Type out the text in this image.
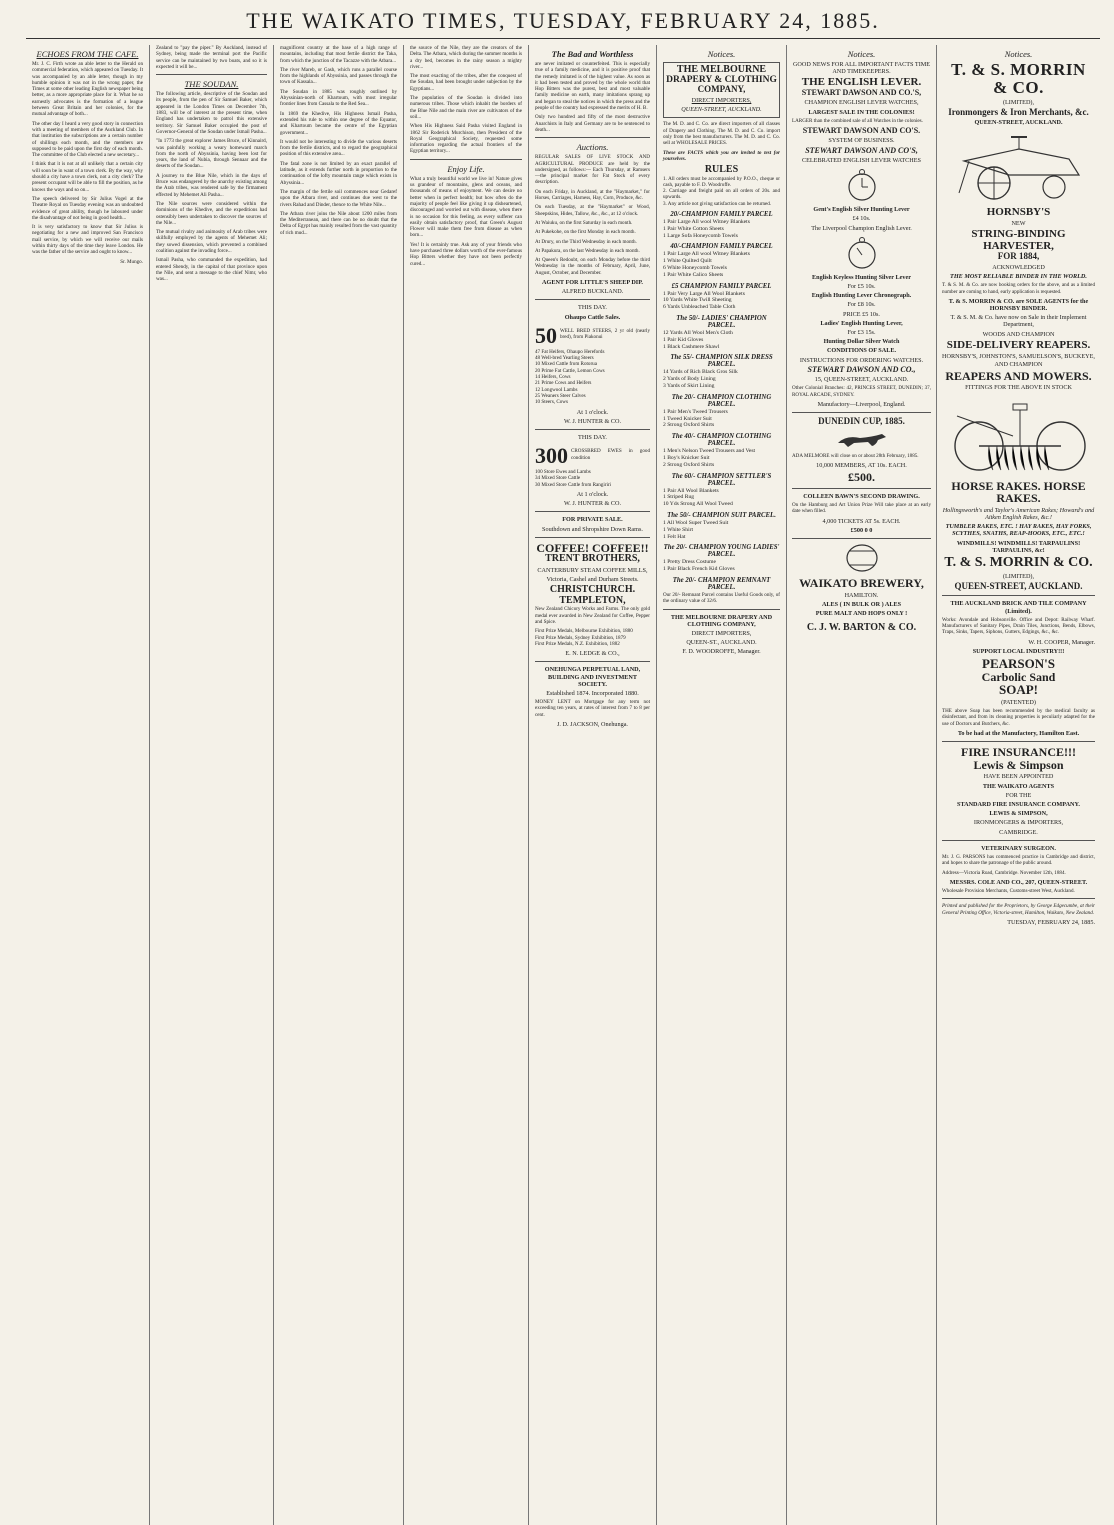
THE WAIKATO TIMES, TUESDAY, FEBRUARY 24, 1885.
ECHOES FROM THE CAFE.

Mr. J. C. Firth wrote an able letter to the Herald on commercial federation, which appeared on Tuesday. It was accompanied by an able letter, though in my humble opinion it was not in the wrong paper, the Times at some other leading English newspaper being better, as a more appropriate place for it. What he so earnestly advocates is the formation of a league between Great Britain and her colonies, for the mutual advantage of both...

The other day I heard a very good story in connection with a meeting of members of the Auckland Club. In that institution the subscriptions are a certain number of shillings each month, and the members are supposed to be paid upon the first day of each month. The committee of the Club elected a new secretary...

I think that it is not at all unlikely that a certain city will soon be in want of a town clerk. By the way, why should a city have a town clerk, not a city clerk? The present occupant will be able to fill the position, as he knows the ways and so on...

The speech delivered by Sir Julius Vogel at the Theatre Royal on Tuesday evening was an undoubted evidence of great ability, though he laboured under the disadvantage of not being in good health...

It is very satisfactory to know that Sir Julius is negotiating for a new and improved San Francisco mail service, by which we will receive our mails within thirty days of the time they leave London. He was the father of the service and ought to know...

Sr. Mungo.

Zealand to "pay the piper." By Auckland, instead of Sydney, being made the terminal port the Pacific service can be maintained by two boats, and so it is expected it will be...

THE SOUDAN.

The following article, descriptive of the Soudan and its people, from the pen of Sir Samuel Baker, which appeared in the London Times on December 7th, 1883, will be of interest at the present time, when England has undertaken to patrol this extensive territory. Sir Samuel Baker occupied the post of Governor-General of the Soudan under Ismail Pasha...

"In 1773 the great explorer James Bruce, of Kinnaird, was painfully working a weary homeward march from the north of Abyssinia, having been lost for years, the land of Nubia, through Sennaar and the deserts of the Soudan...

A journey to the Blue Nile, which in the days of Bruce was endangered by the anarchy existing among the Arab tribes, was rendered safe by the firmament effected by Mehemet Ali Pasha...

The Nile sources were considered within the dominions of the Khedive, and the expeditions had ostensibly been undertaken to discover the sources of the Nile...

The mutual rivalry and animosity of Arab tribes were skilfully employed by the agents of Mehemet Ali; they sowed dissension, which prevented a combined coalition against the invading force...

Ismail Pasha, who commanded the expedition, had entered Shendy, in the capital of that province upon the Nile, and sent a message to the chief Nimr, who was...

magnificent country at the base of a high range of mountains, including that most fertile district the Taka, from which the junction of the Tacazze with the Atbara...

The river Mareb, or Gash, which runs a parallel course from the highlands of Abyssinia, and passes through the town of Kassala...

The Soudan in 1885 was roughly outlined by Abyssinian-north of Khartoum, with most irregular frontier lines from Cassala to the Red Sea...

In 1869 the Khedive, His Highness Ismail Pasha, extended his rule to within one degree of the Equator, and Khartoum became the centre of the Egyptian government...

It would not be interesting to divide the various deserts from the fertile districts, and to regard the geographical position of this extensive area...

The fatal zone is not limited by an exact parallel of latitude, as it extends further north in proportion to the continuation of the lofty mountain range which exists in Abyssinia...

The margin of the fertile soil commences near Gedaref upon the Atbara river, and continues due west to the rivers Rahad and Dinder, thence to the White Nile...

The Atbara river joins the Nile about 1200 miles from the Mediterranean, and there can be no doubt that the Delta of Egypt has mainly resulted from the vast quantity of rich mud...

the source of the Nile, they are the creators of the Delta. The Atbara, which during the summer months is a dry bed, becomes in the rainy season a mighty river...

The most exacting of the tribes, after the conquest of the Soudan, had been brought under subjection by the Egyptians...

The population of the Soudan is divided into numerous tribes. Those which inhabit the borders of the Blue Nile and the main river are cultivators of the soil...

When His Highness Said Pasha visited England in 1862 Sir Roderick Murchison, then President of the Royal Geographical Society, requested some information regarding the actual frontiers of the Egyptian territory...

Enjoy Life.

What a truly beautiful world we live in! Nature gives us grandeur of mountains, glens and oceans, and thousands of means of enjoyment. We can desire no better when in perfect health; but how often do the majority of people feel like giving it up disheartened, discouraged and worried out with disease, when there is no occasion for this feeling, as every sufferer can easily obtain satisfactory proof, that Green's August Flower will make them free from disease as when born...

Yes! It is certainly true. Ask any of your friends who have purchased three dollars worth of the ever-famous Hop Bitters whether they have not been perfectly cured...

The Bad and Worthless

are never imitated or counterfeited. This is especially true of a family medicine, and it is positive proof that the remedy imitated is of the highest value. As soon as it had been tested and proved by the whole world that Hop Bitters was the purest, best and most valuable family medicine on earth, many imitations sprang up and began to steal the notices in which the press and the people of the country had expressed the merits of H. B.

Only two hundred and fifty of the most destructive Anarchists in Italy and Germany are to be sentenced to death...

Auctions.

REGULAR SALES OF LIVE STOCK AND AGRICULTURAL PRODUCE are held by the undersigned, as follows:— Each Thursday, at Ramsers—the principal market for Fat Stock of every description.

On each Friday, in Auckland, at the "Haymarket," for Horses, Carriages, Harness, Hay, Corn, Produce, &c.

On each Tuesday, at the "Haymarket" or Wood, Sheepskins, Hides, Tallow, &c., &c., at 12 o'clock.

At Waiuku, on the first Saturday in each month.

At Pukekohe, on the first Monday in each month.

At Drury, on the Third Wednesday in each month.

At Papakura, on the last Wednesday in each month.

At Queen's Redoubt, on each Monday before the third Wednesday in the months of February, April, June, August, October, and December.

AGENT FOR LITTLE'S SHEEP DIP.
ALFRED BUCKLAND.
THIS DAY.
Ohaupo Cattle Sales.
50 WELL BRED STEERS, 2 yr old (nearly bred), from Piakonui

47 Fat Heifers, Ohaupo Herefords
48 Well-bred Yearling Steers
10 Mixed Cattle from Rotorua
20 Prime Fat Cattle, Lemon Cows
14 Heifers, Cows
21 Prime Cows and Heifers
12 Longwool Lambs
25 Weaners Steer Calves
10 Steers, Cows

At 1 o'clock.
W. J. HUNTER & CO.
THIS DAY.
300 CROSSBRED EWES in good condition

100 Store Ewes and Lambs
34 Mixed Store Cattle
30 Mixed Store Cattle from Rangiriri

At 1 o'clock.
W. J. HUNTER & CO.
FOR PRIVATE SALE.
Southdown and Shropshire Down Rams.
COFFEE! COFFEE!!
TRENT BROTHERS,
CANTERBURY STEAM COFFEE MILLS,
Victoria, Cashel and Durham Streets.
CHRISTCHURCH.
TEMPLETON,

New Zealand Chicory Works and Farms. The only gold medal ever awarded in New Zealand for Coffee, Pepper and Spice.

First Prize Medals, Melbourne Exhibition, 1880
First Prize Medals, Sydney Exhibition, 1879
First Prize Medals, N.Z. Exhibition, 1882

E. N. LEDGE & CO.,
ONEHUNGA PERPETUAL LAND, BUILDING AND INVESTMENT SOCIETY.
Established 1874. Incorporated 1880.

MONEY LENT on Mortgage for any term not exceeding ten years, at rates of interest from 7 to 8 per cent.

J. D. JACKSON, Onehunga.
Notices.
THE MELBOURNE
DRAPERY & CLOTHING
COMPANY,
DIRECT IMPORTERS,
QUEEN-STREET, AUCKLAND.

The M. D. and C. Co. are direct importers of all classes of Drapery and Clothing. The M. D. and C. Co. import only from the best manufacturers. The M. D. and C. Co. sell at WHOLESALE PRICES.

These are FACTS which you are invited to test for yourselves.

RULES

1. All orders must be accompanied by P.O.O., cheque or cash, payable to F. D. Woodroffe.
2. Carriage and freight paid on all orders of 20s. and upwards.
3. Any article not giving satisfaction can be returned.

20/-CHAMPION FAMILY PARCEL
1 Pair Large All wool Witney Blankets
1 Pair White Cotton Sheets
1 Large Sofa Honeycomb Towels
40/-CHAMPION FAMILY PARCEL
1 Pair Large All wool Witney Blankets
1 White Quilted Quilt
6 White Honeycomb Towels
1 Pair White Calico Sheets
£5 CHAMPION FAMILY PARCEL
1 Pair Very Large All Wool Blankets
10 Yards White Twill Sheeting
6 Yards Unbleached Table Cloth
The 50/- LADIES' CHAMPION PARCEL.
12 Yards All Wool Men's Cloth
1 Pair Kid Gloves
1 Black Cashmere Shawl
The 55/- CHAMPION SILK DRESS PARCEL.
14 Yards of Rich Black Gros Silk
2 Yards of Body Lining
3 Yards of Skirt Lining
The 20/- CHAMPION CLOTHING PARCEL.
1 Pair Men's Tweed Trousers
1 Tweed Knicker Suit
2 Strong Oxford Shirts
The 40/- CHAMPION CLOTHING PARCEL.
1 Men's Nelson Tweed Trousers and Vest
1 Boy's Knicker Suit
2 Strong Oxford Shirts
The 60/- CHAMPION SETTLER'S PARCEL.
1 Pair All Wool Blankets
1 Striped Rug
10 Yds Strong All Wool Tweed
The 50/- CHAMPION SUIT PARCEL.
1 All Wool Super Tweed Suit
1 White Shirt
1 Felt Hat
The 20/- CHAMPION YOUNG LADIES' PARCEL.
1 Pretty Dress Costume
1 Pair Black French Kid Gloves
The 20/- CHAMPION REMNANT PARCEL.

Our 20/- Remnant Parcel contains Useful Goods only, of the ordinary value of 32/6.

THE MELBOURNE DRAPERY AND CLOTHING COMPANY,
DIRECT IMPORTERS,
QUEEN-ST., AUCKLAND.
F. D. WOODROFFE, Manager.
Notices.
GOOD NEWS FOR ALL IMPORTANT FACTS TIME AND TIMEKEEPERS.
THE ENGLISH LEVER.
STEWART DAWSON AND CO.'S,
CHAMPION ENGLISH LEVER WATCHES,
LARGEST SALE IN THE COLONIES!

LARGER than the combined sale of all Watches in the colonies.

STEWART DAWSON AND CO'S.
SYSTEM OF BUSINESS.
STEWART DAWSON AND CO'S,
CELEBRATED ENGLISH LEVER WATCHES
Gent's English Silver Hunting Lever
£4 10s.
The Liverpool Champion English Lever.
English Keyless Hunting Silver Lever
For £5 10s.
English Hunting Lever Chronograph.
For £8 10s.
PRICE £5 10s.
Ladies' English Hunting Lever,
For £3 15s.
Hunting Dollar Silver Watch
CONDITIONS OF SALE.
INSTRUCTIONS FOR ORDERING WATCHES.
STEWART DAWSON AND CO.,
15, QUEEN-STREET, AUCKLAND.

Other Colonial Branches: 42, PRINCES STREET, DUNEDIN; 37, ROYAL ARCADE, SYDNEY.

Manufactory—Liverpool, England.
DUNEDIN CUP, 1885.

ADA MELMORE will close on or about 28th February, 1885.

10,000 MEMBERS, AT 10s. EACH.
£500.
COLLEEN BAWN'S SECOND DRAWING.

On the Hamburg and Art Union Prize Will take place at an early date when filled.

4,000 TICKETS AT 5s. EACH.
£500 0 0
WAIKATO BREWERY,
HAMILTON.
ALES ( IN BULK OR ) ALES
PURE MALT AND HOPS ONLY !
C. J. W. BARTON & CO.
Notices.
T. & S. MORRIN & CO.
(LIMITED),
Ironmongers & Iron Merchants, &c.
QUEEN-STREET, AUCKLAND.
HORNSBY'S
NEW
STRING-BINDING HARVESTER,
FOR 1884,
ACKNOWLEDGED
THE MOST RELIABLE BINDER IN THE WORLD.

T. & S. M. & Co. are now booking orders for the above, and as a limited number are coming to hand, early application is requested.

T. & S. MORRIN & CO. are SOLE AGENTS for the HORNSBY BINDER.
T. & S. M. & Co. have now on Sale in their Implement Department,
WOODS AND CHAMPION
SIDE-DELIVERY REAPERS.
HORNSBY'S, JOHNSTON'S, SAMUELSON'S, BUCKEYE, AND CHAMPION
REAPERS AND MOWERS.
FITTINGS FOR THE ABOVE IN STOCK
HORSE RAKES. HORSE RAKES.
Hollingsworth's and Taylor's American Rakes; Howard's and Aitken English Rakes, &c.!
TUMBLER RAKES, ETC. ! HAY RAKES, HAY FORKS, SCYTHES, SNATHS, REAP-HOOKS, ETC., ETC.!
WINDMILLS! WINDMILLS! TARPAULINS! TARPAULINS, &c!
T. & S. MORRIN & CO.
(LIMITED),
QUEEN-STREET, AUCKLAND.
THE AUCKLAND BRICK AND TILE COMPANY (Limited).

Works: Avondale and Hobsonville. Office and Depot: Railway Wharf. Manufacturers of Sanitary Pipes, Drain Tiles, Junctions, Bends, Elbows, Traps, Sinks, Tapers, Siphons, Gutters, Edgings, &c., &c.

W. H. COOPER, Manager.
SUPPORT LOCAL INDUSTRY!!!
PEARSON'S
Carbolic Sand
SOAP!
(PATENTED)

THE above Soap has been recommended by the medical faculty as disinfectant, and from its cleaning properties is peculiarly adapted for the use of Doctors and Butchers, &c.

To be had at the Manufactory, Hamilton East.
FIRE INSURANCE!!!
Lewis & Simpson
HAVE BEEN APPOINTED
THE WAIKATO AGENTS
FOR THE
STANDARD FIRE INSURANCE COMPANY.
LEWIS & SIMPSON,
IRONMONGERS & IMPORTERS,
CAMBRIDGE.
VETERINARY SURGEON.

Mr. J. G. PARSONS has commenced practice in Cambridge and district, and hopes to share the patronage of the public around.

Address—Victoria Road, Cambridge. November 12th, 1884.

MESSRS. COLE AND CO., 207, QUEEN-STREET.

Wholesale Provision Merchants, Customs-street West, Auckland.

Printed and published for the Proprietors, by George Edgecumbe, at their General Printing Office, Victoria-street, Hamilton, Waikato, New Zealand.

TUESDAY, FEBRUARY 24, 1885.
